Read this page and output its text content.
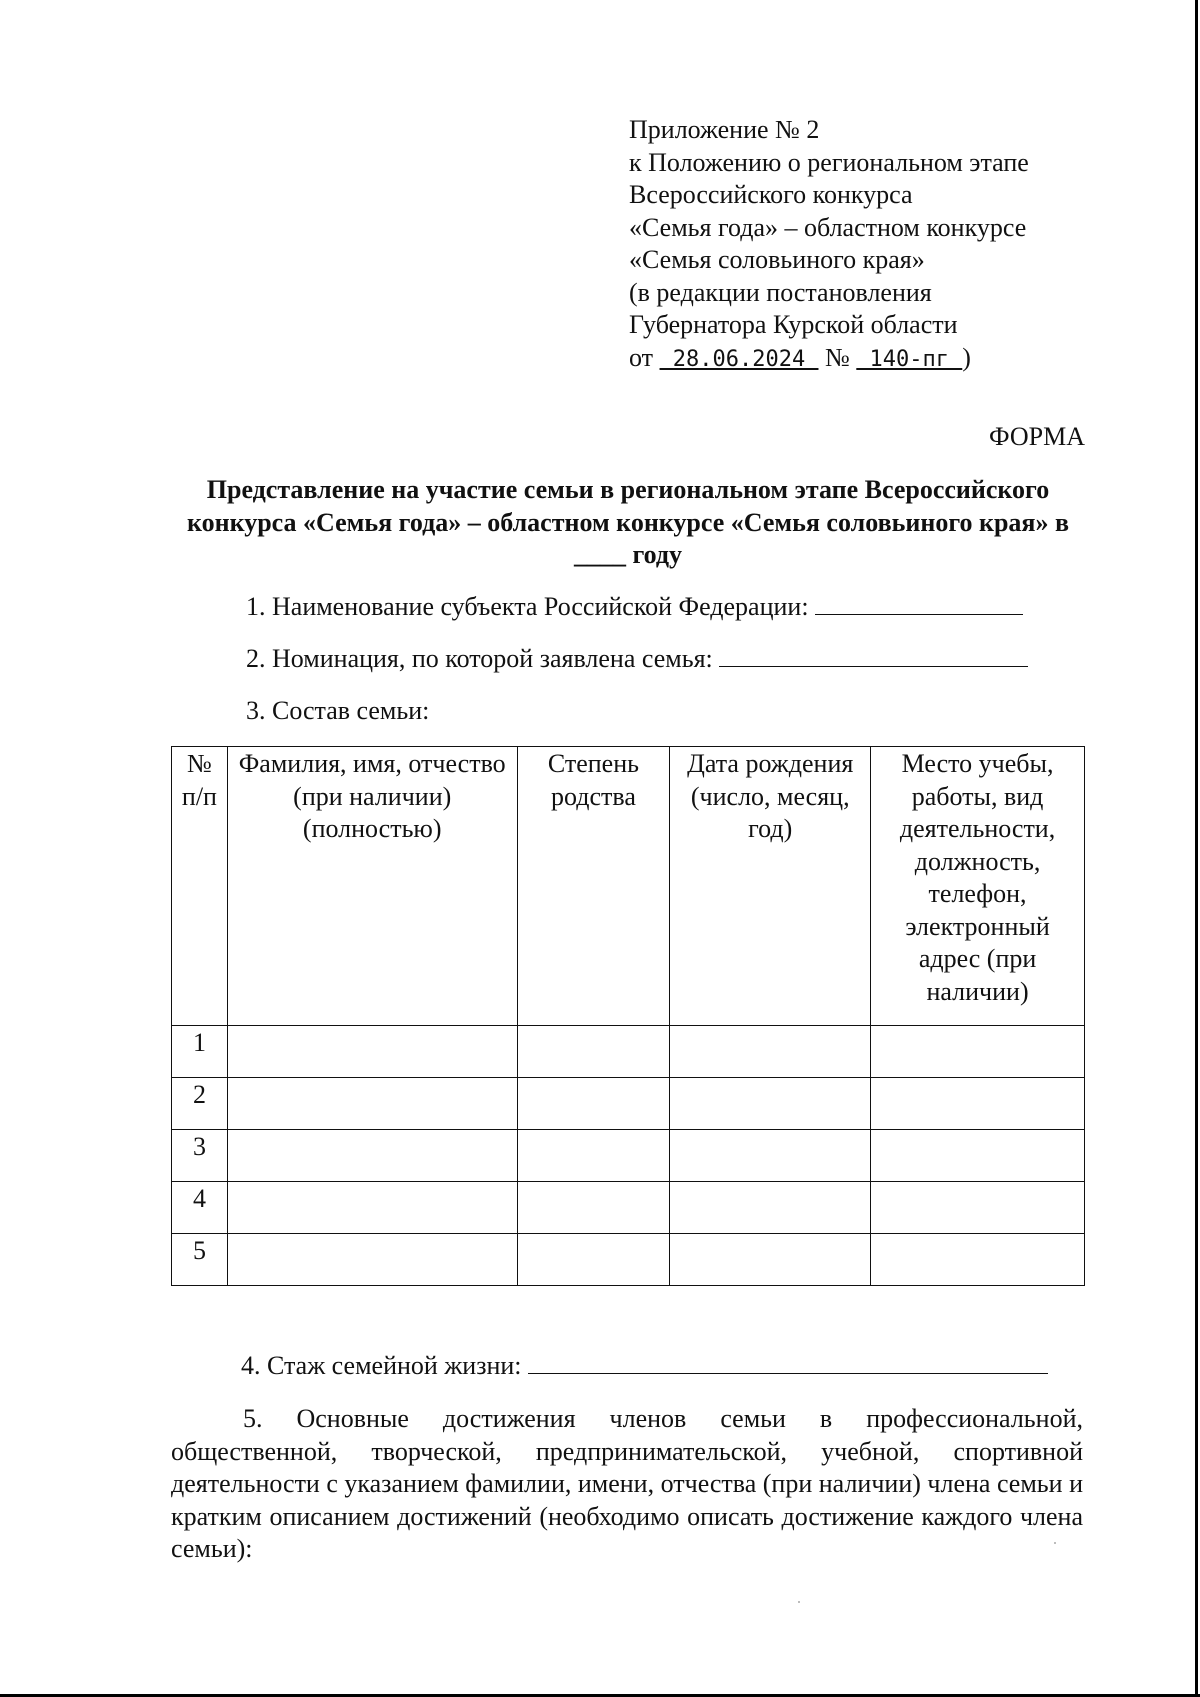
Приложение № 2
к Положению о региональном этапе
Всероссийского конкурса
«Семья года» – областном конкурсе
«Семья соловьиного края»
(в редакции постановления
Губернатора Курской области
от  28.06.2024  №  140-пг )
ФОРМА
Представление на участие семьи в региональном этапе Всероссийского конкурса «Семья года» – областном конкурсе «Семья соловьиного края» в ____ году
1. Наименование субъекта Российской Федерации:
2. Номинация, по которой заявлена семья:
3. Состав семьи:
№ п/п	Фамилия, имя, отчество (при наличии) (полностью)	Степень родства	Дата рождения (число, месяц, год)	Место учебы, работы, вид деятельности, должность, телефон, электронный адрес (при наличии)
1				
2				
3				
4				
5				
4. Стаж семейной жизни:
5. Основные достижения членов семьи в профессиональной, общественной, творческой, предпринимательской, учебной, спортивной деятельности с указанием фамилии, имени, отчества (при наличии) члена семьи и кратким описанием достижений (необходимо описать достижение каждого члена семьи):
